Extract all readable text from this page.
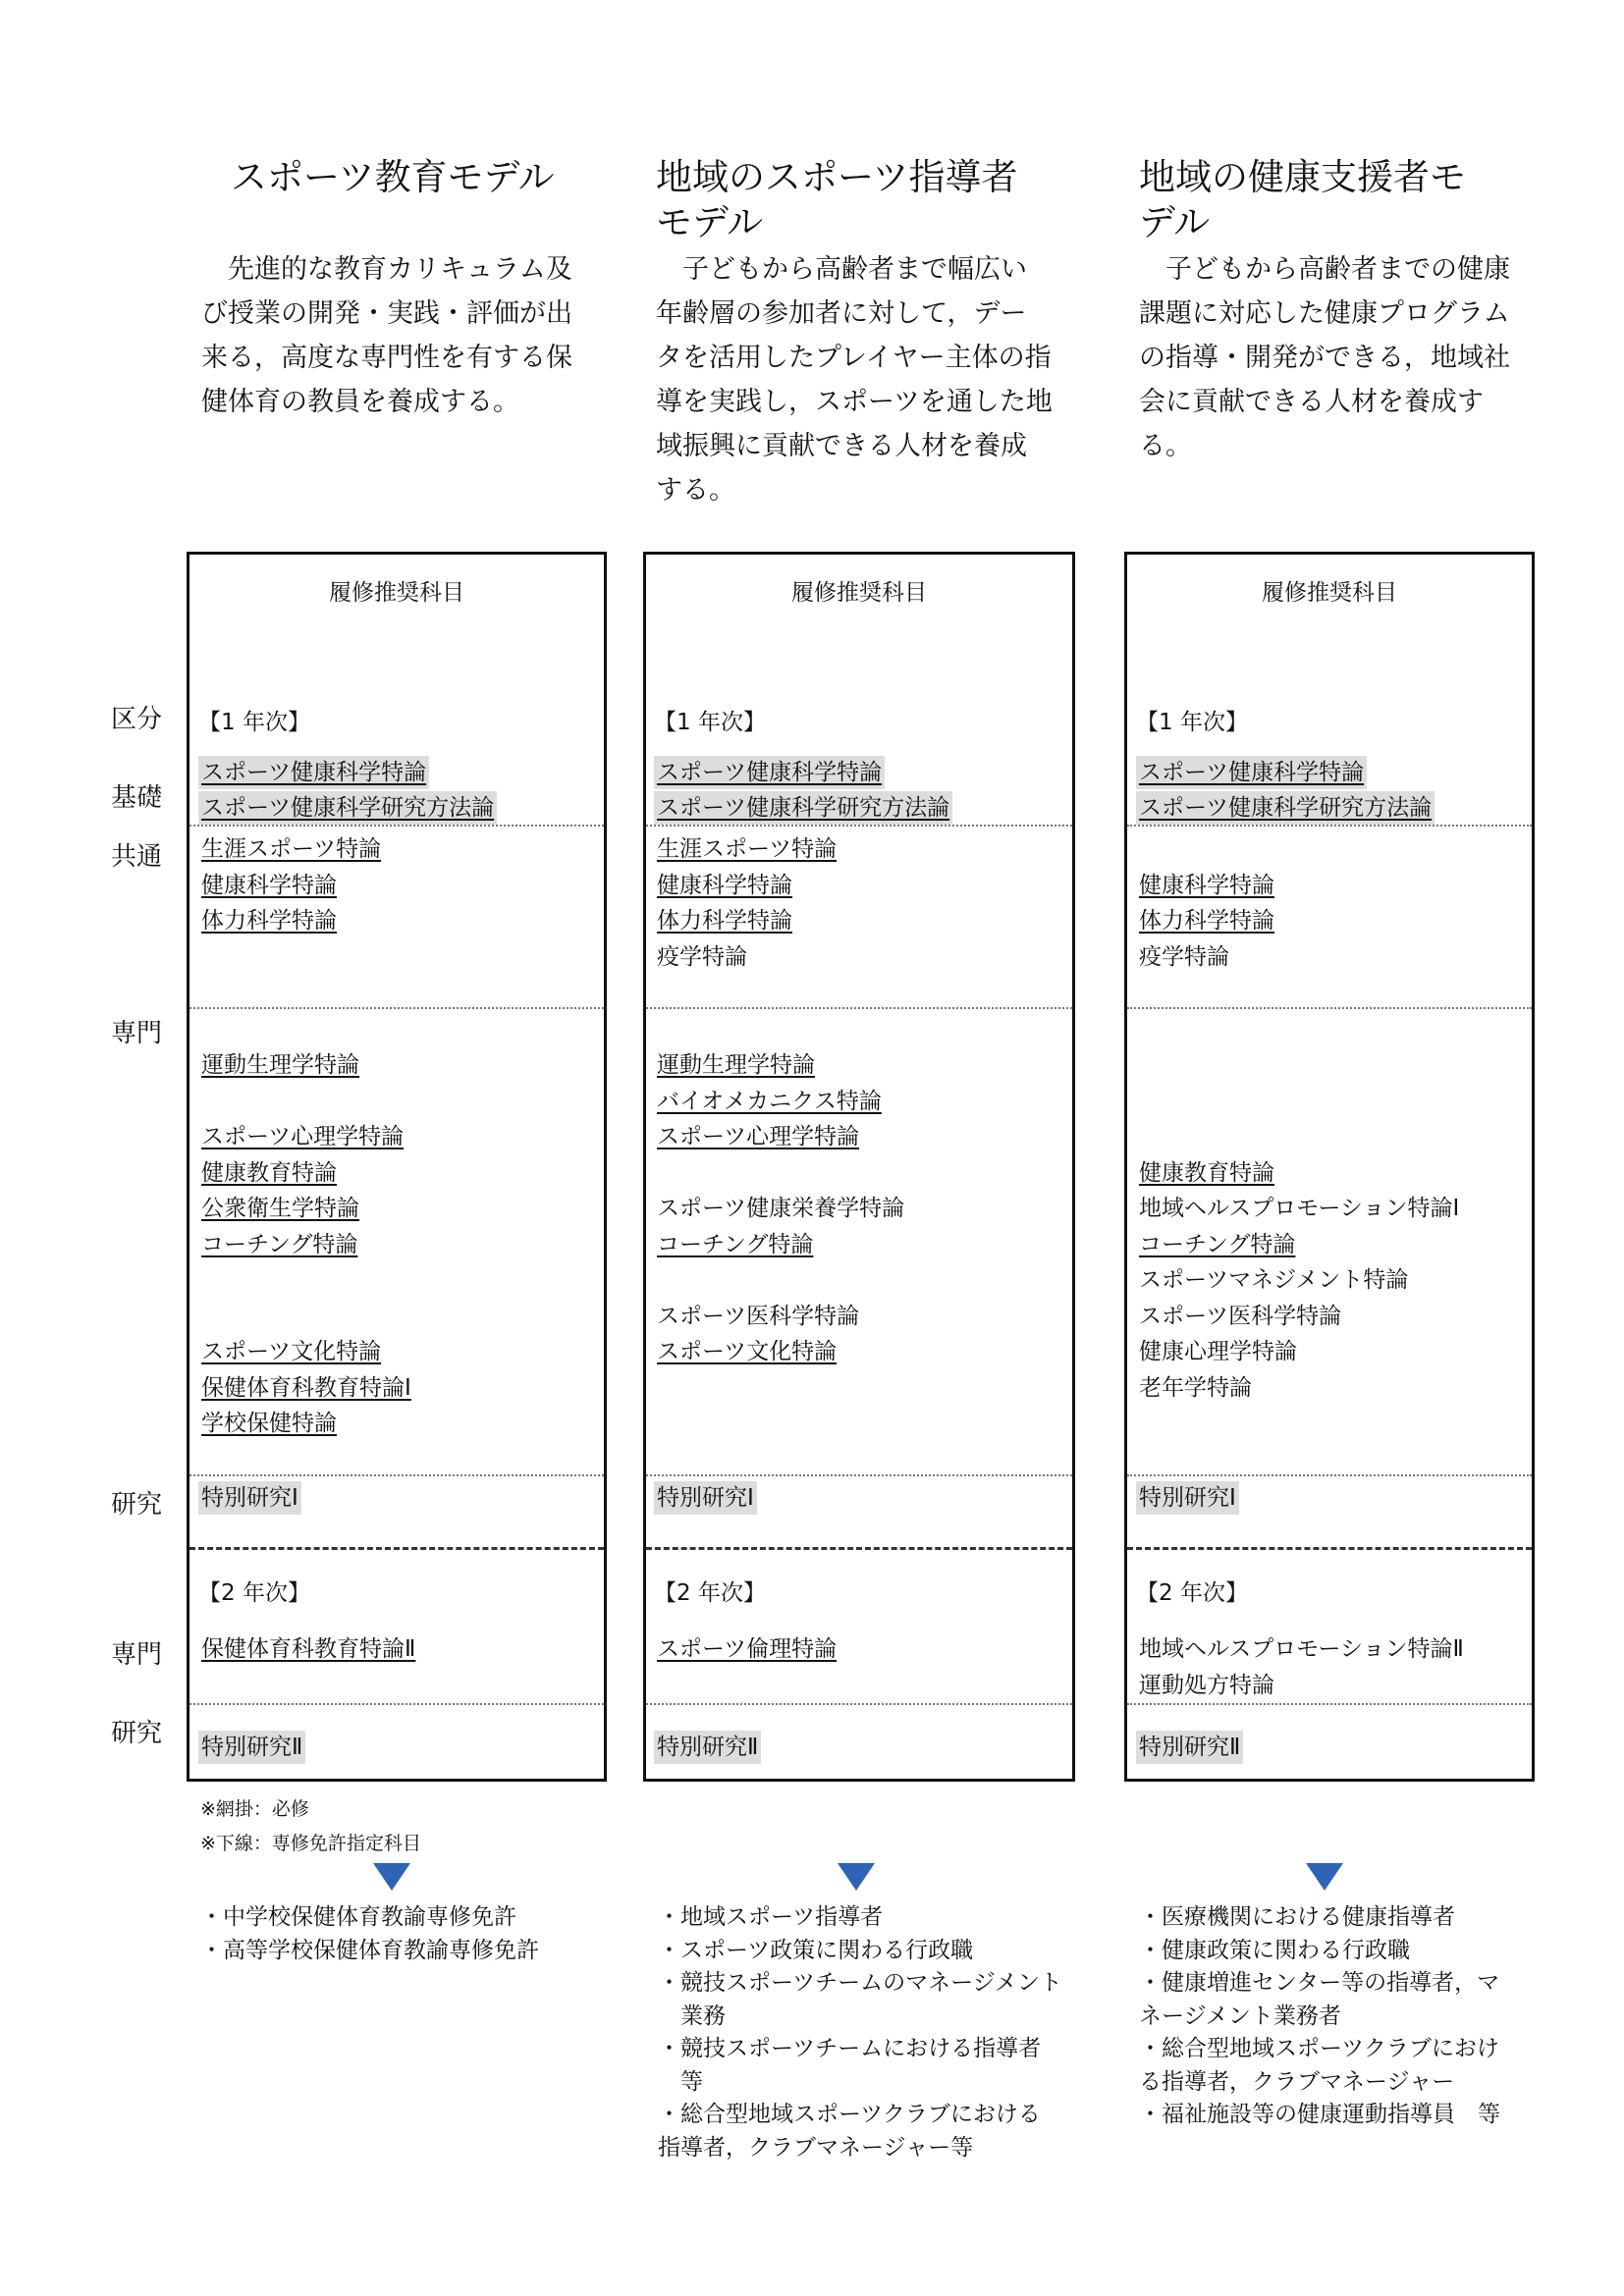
区分
基礎
共通
専門
研究
専門
研究
スポーツ教育モデル
　先進的な教育カリキュラム及
び授業の開発・実践・評価が出
来る，高度な専門性を有する保
健体育の教員を養成する。
履修推奨科目
【1 年次】
スポーツ健康科学特論
スポーツ健康科学研究方法論
生涯スポーツ特論
健康科学特論
体力科学特論
運動生理学特論
スポーツ心理学特論
健康教育特論
公衆衛生学特論
コーチング特論
スポーツ文化特論
保健体育科教育特論Ⅰ
学校保健特論
特別研究Ⅰ
【2 年次】
保健体育科教育特論Ⅱ
特別研究Ⅱ
・中学校保健体育教諭専修免許
・高等学校保健体育教諭専修免許
地域のスポーツ指導者
モデル
　子どもから高齢者まで幅広い
年齢層の参加者に対して，デー
タを活用したプレイヤー主体の指
導を実践し，スポーツを通した地
域振興に貢献できる人材を養成
する。
履修推奨科目
【1 年次】
スポーツ健康科学特論
スポーツ健康科学研究方法論
生涯スポーツ特論
健康科学特論
体力科学特論
疫学特論
運動生理学特論
バイオメカニクス特論
スポーツ心理学特論
スポーツ健康栄養学特論
コーチング特論
スポーツ医科学特論
スポーツ文化特論
特別研究Ⅰ
【2 年次】
スポーツ倫理特論
特別研究Ⅱ
・地域スポーツ指導者
・スポーツ政策に関わる行政職
・競技スポーツチームのマネージメント
　業務
・競技スポーツチームにおける指導者
　等
・総合型地域スポーツクラブにおける
指導者，クラブマネージャー等
地域の健康支援者モ
デル
　子どもから高齢者までの健康
課題に対応した健康プログラム
の指導・開発ができる，地域社
会に貢献できる人材を養成す
る。
履修推奨科目
【1 年次】
スポーツ健康科学特論
スポーツ健康科学研究方法論
健康科学特論
体力科学特論
疫学特論
健康教育特論
地域ヘルスプロモーション特論Ⅰ
コーチング特論
スポーツマネジメント特論
スポーツ医科学特論
健康心理学特論
老年学特論
特別研究Ⅰ
【2 年次】
地域ヘルスプロモーション特論Ⅱ
運動処方特論
特別研究Ⅱ
・医療機関における健康指導者
・健康政策に関わる行政職
・健康増進センター等の指導者，マ
ネージメント業務者
・総合型地域スポーツクラブにおけ
る指導者，クラブマネージャー
・福祉施設等の健康運動指導員　等
※網掛：必修
※下線：専修免許指定科目
